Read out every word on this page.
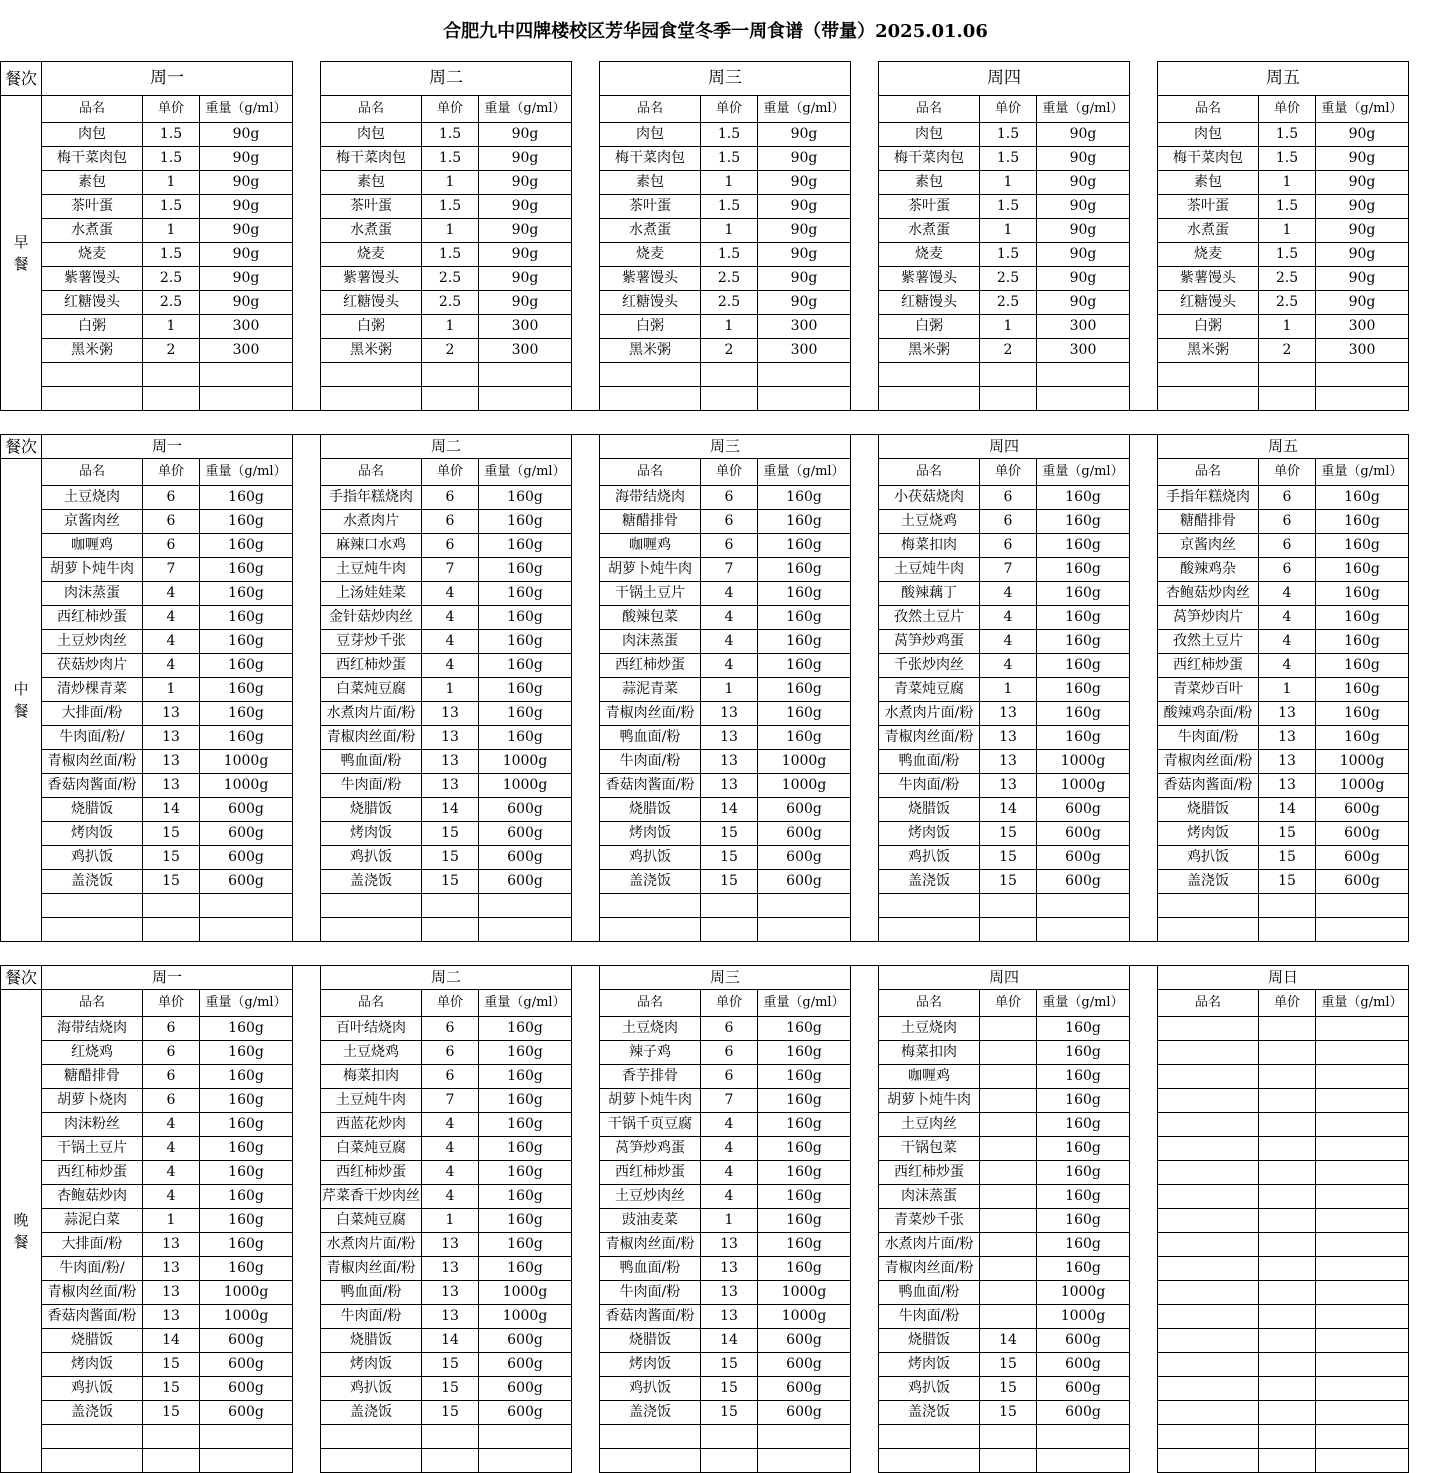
合肥九中四牌楼校区芳华园食堂冬季一周食谱（带量）2025.01.06
餐次	周一				周二				周三				周四				周五		

早
餐	品名	单价	重量（g/ml）		品名	单价	重量（g/ml）		品名	单价	重量（g/ml）		品名	单价	重量（g/ml）		品名	单价	重量（g/ml）
	肉包	1.5	90g		肉包	1.5	90g		肉包	1.5	90g		肉包	1.5	90g		肉包	1.5	90g
	梅干菜肉包	1.5	90g		梅干菜肉包	1.5	90g		梅干菜肉包	1.5	90g		梅干菜肉包	1.5	90g		梅干菜肉包	1.5	90g
	素包	1	90g		素包	1	90g		素包	1	90g		素包	1	90g		素包	1	90g
	茶叶蛋	1.5	90g		茶叶蛋	1.5	90g		茶叶蛋	1.5	90g		茶叶蛋	1.5	90g		茶叶蛋	1.5	90g
	水煮蛋	1	90g		水煮蛋	1	90g		水煮蛋	1	90g		水煮蛋	1	90g		水煮蛋	1	90g
	烧麦	1.5	90g		烧麦	1.5	90g		烧麦	1.5	90g		烧麦	1.5	90g		烧麦	1.5	90g
	紫薯馒头	2.5	90g		紫薯馒头	2.5	90g		紫薯馒头	2.5	90g		紫薯馒头	2.5	90g		紫薯馒头	2.5	90g
	红糖馒头	2.5	90g		红糖馒头	2.5	90g		红糖馒头	2.5	90g		红糖馒头	2.5	90g		红糖馒头	2.5	90g
	白粥	1	300		白粥	1	300		白粥	1	300		白粥	1	300		白粥	1	300
	黑米粥	2	300		黑米粥	2	300		黑米粥	2	300		黑米粥	2	300		黑米粥	2	300

餐次	周一				周二				周三				周四				周五		

中
餐	品名	单价	重量（g/ml）		品名	单价	重量（g/ml）		品名	单价	重量（g/ml）		品名	单价	重量（g/ml）		品名	单价	重量（g/ml）
	土豆烧肉	6	160g		手指年糕烧肉	6	160g		海带结烧肉	6	160g		小茯菇烧肉	6	160g		手指年糕烧肉	6	160g
	京酱肉丝	6	160g		水煮肉片	6	160g		糖醋排骨	6	160g		土豆烧鸡	6	160g		糖醋排骨	6	160g
	咖喱鸡	6	160g		麻辣口水鸡	6	160g		咖喱鸡	6	160g		梅菜扣肉	6	160g		京酱肉丝	6	160g
	胡萝卜炖牛肉	7	160g		土豆炖牛肉	7	160g		胡萝卜炖牛肉	7	160g		土豆炖牛肉	7	160g		酸辣鸡杂	6	160g
	肉沫蒸蛋	4	160g		上汤娃娃菜	4	160g		干锅土豆片	4	160g		酸辣藕丁	4	160g		杏鲍菇炒肉丝	4	160g
	西红柿炒蛋	4	160g		金针菇炒肉丝	4	160g		酸辣包菜	4	160g		孜然土豆片	4	160g		莴笋炒肉片	4	160g
	土豆炒肉丝	4	160g		豆芽炒千张	4	160g		肉沫蒸蛋	4	160g		莴笋炒鸡蛋	4	160g		孜然土豆片	4	160g
	茯菇炒肉片	4	160g		西红柿炒蛋	4	160g		西红柿炒蛋	4	160g		千张炒肉丝	4	160g		西红柿炒蛋	4	160g
	清炒棵青菜	1	160g		白菜炖豆腐	1	160g		蒜泥青菜	1	160g		青菜炖豆腐	1	160g		青菜炒百叶	1	160g
	大排面/粉	13	160g		水煮肉片面/粉	13	160g		青椒肉丝面/粉	13	160g		水煮肉片面/粉	13	160g		酸辣鸡杂面/粉	13	160g
	牛肉面/粉/	13	160g		青椒肉丝面/粉	13	160g		鸭血面/粉	13	160g		青椒肉丝面/粉	13	160g		牛肉面/粉	13	160g
	青椒肉丝面/粉	13	1000g		鸭血面/粉	13	1000g		牛肉面/粉	13	1000g		鸭血面/粉	13	1000g		青椒肉丝面/粉	13	1000g
	香菇肉酱面/粉	13	1000g		牛肉面/粉	13	1000g		香菇肉酱面/粉	13	1000g		牛肉面/粉	13	1000g		香菇肉酱面/粉	13	1000g
	烧腊饭	14	600g		烧腊饭	14	600g		烧腊饭	14	600g		烧腊饭	14	600g		烧腊饭	14	600g
	烤肉饭	15	600g		烤肉饭	15	600g		烤肉饭	15	600g		烤肉饭	15	600g		烤肉饭	15	600g
	鸡扒饭	15	600g		鸡扒饭	15	600g		鸡扒饭	15	600g		鸡扒饭	15	600g		鸡扒饭	15	600g
	盖浇饭	15	600g		盖浇饭	15	600g		盖浇饭	15	600g		盖浇饭	15	600g		盖浇饭	15	600g

餐次	周一				周二				周三				周四				周日		

晚
餐	品名	单价	重量（g/ml）		品名	单价	重量（g/ml）		品名	单价	重量（g/ml）		品名	单价	重量（g/ml）		品名	单价	重量（g/ml）
	海带结烧肉	6	160g		百叶结烧肉	6	160g		土豆烧肉	6	160g		土豆烧肉		160g				
	红烧鸡	6	160g		土豆烧鸡	6	160g		辣子鸡	6	160g		梅菜扣肉		160g				
	糖醋排骨	6	160g		梅菜扣肉	6	160g		香芋排骨	6	160g		咖喱鸡		160g				
	胡萝卜烧肉	6	160g		土豆炖牛肉	7	160g		胡萝卜炖牛肉	7	160g		胡萝卜炖牛肉		160g				
	肉沫粉丝	4	160g		西蓝花炒肉	4	160g		干锅千页豆腐	4	160g		土豆肉丝		160g				
	干锅土豆片	4	160g		白菜炖豆腐	4	160g		莴笋炒鸡蛋	4	160g		干锅包菜		160g				
	西红柿炒蛋	4	160g		西红柿炒蛋	4	160g		西红柿炒蛋	4	160g		西红柿炒蛋		160g				
	杏鲍菇炒肉	4	160g		芹菜香干炒肉丝	4	160g		土豆炒肉丝	4	160g		肉沫蒸蛋		160g				
	蒜泥白菜	1	160g		白菜炖豆腐	1	160g		豉油麦菜	1	160g		青菜炒千张		160g				
	大排面/粉	13	160g		水煮肉片面/粉	13	160g		青椒肉丝面/粉	13	160g		水煮肉片面/粉		160g				
	牛肉面/粉/	13	160g		青椒肉丝面/粉	13	160g		鸭血面/粉	13	160g		青椒肉丝面/粉		160g				
	青椒肉丝面/粉	13	1000g		鸭血面/粉	13	1000g		牛肉面/粉	13	1000g		鸭血面/粉		1000g				
	香菇肉酱面/粉	13	1000g		牛肉面/粉	13	1000g		香菇肉酱面/粉	13	1000g		牛肉面/粉		1000g				
	烧腊饭	14	600g		烧腊饭	14	600g		烧腊饭	14	600g		烧腊饭	14	600g				
	烤肉饭	15	600g		烤肉饭	15	600g		烤肉饭	15	600g		烤肉饭	15	600g				
	鸡扒饭	15	600g		鸡扒饭	15	600g		鸡扒饭	15	600g		鸡扒饭	15	600g				
	盖浇饭	15	600g		盖浇饭	15	600g		盖浇饭	15	600g		盖浇饭	15	600g				
